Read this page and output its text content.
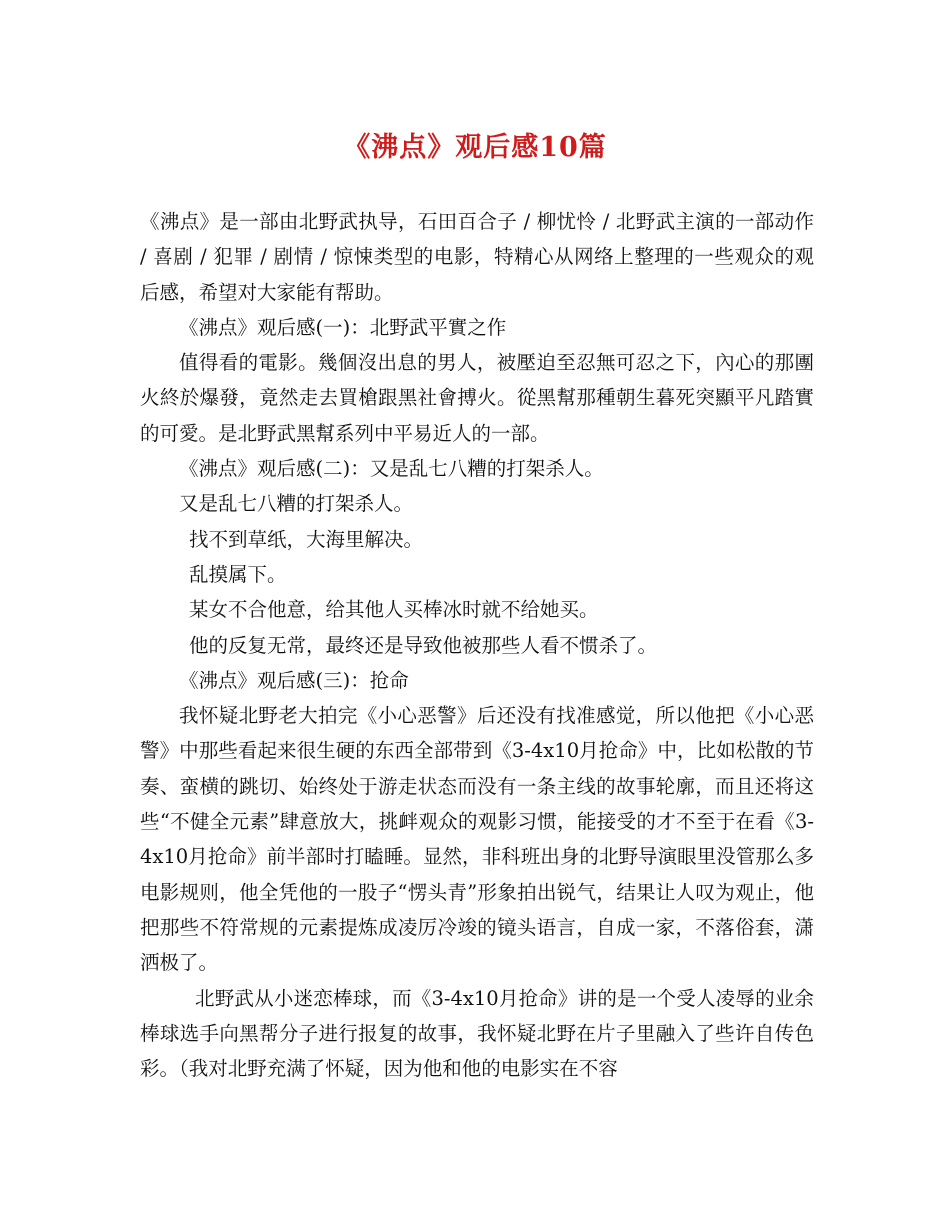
《沸点》观后感10篇

《沸点》是一部由北野武执导，石田百合子 / 柳忧怜 / 北野武主演的一部动作 / 喜剧 / 犯罪 / 剧情 / 惊悚类型的电影，特精心从网络上整理的一些观众的观后感，希望对大家能有帮助。

《沸点》观后感(一)：北野武平實之作

值得看的電影。幾個沒出息的男人，被壓迫至忍無可忍之下，內心的那團火終於爆發，竟然走去買槍跟黑社會搏火。從黑幫那種朝生暮死突顯平凡踏實的可愛。是北野武黑幫系列中平易近人的一部。

《沸点》观后感(二)：又是乱七八糟的打架杀人。

又是乱七八糟的打架杀人。

找不到草纸，大海里解决。

乱摸属下。

某女不合他意，给其他人买棒冰时就不给她买。

他的反复无常，最终还是导致他被那些人看不惯杀了。

《沸点》观后感(三)：抢命

我怀疑北野老大拍完《小心恶警》后还没有找准感觉，所以他把《小心恶警》中那些看起来很生硬的东西全部带到《3-4x10月抢命》中，比如松散的节奏、蛮横的跳切、始终处于游走状态而没有一条主线的故事轮廓，而且还将这些“不健全元素”肆意放大，挑衅观众的观影习惯，能接受的才不至于在看《3-4x10月抢命》前半部时打瞌睡。显然，非科班出身的北野导演眼里没管那么多电影规则，他全凭他的一股子“愣头青”形象拍出锐气，结果让人叹为观止，他把那些不符常规的元素提炼成凌厉冷竣的镜头语言，自成一家，不落俗套，潇洒极了。

北野武从小迷恋棒球，而《3-4x10月抢命》讲的是一个受人凌辱的业余棒球选手向黑帮分子进行报复的故事，我怀疑北野在片子里融入了些许自传色彩。（我对北野充满了怀疑，因为他和他的电影实在不容
